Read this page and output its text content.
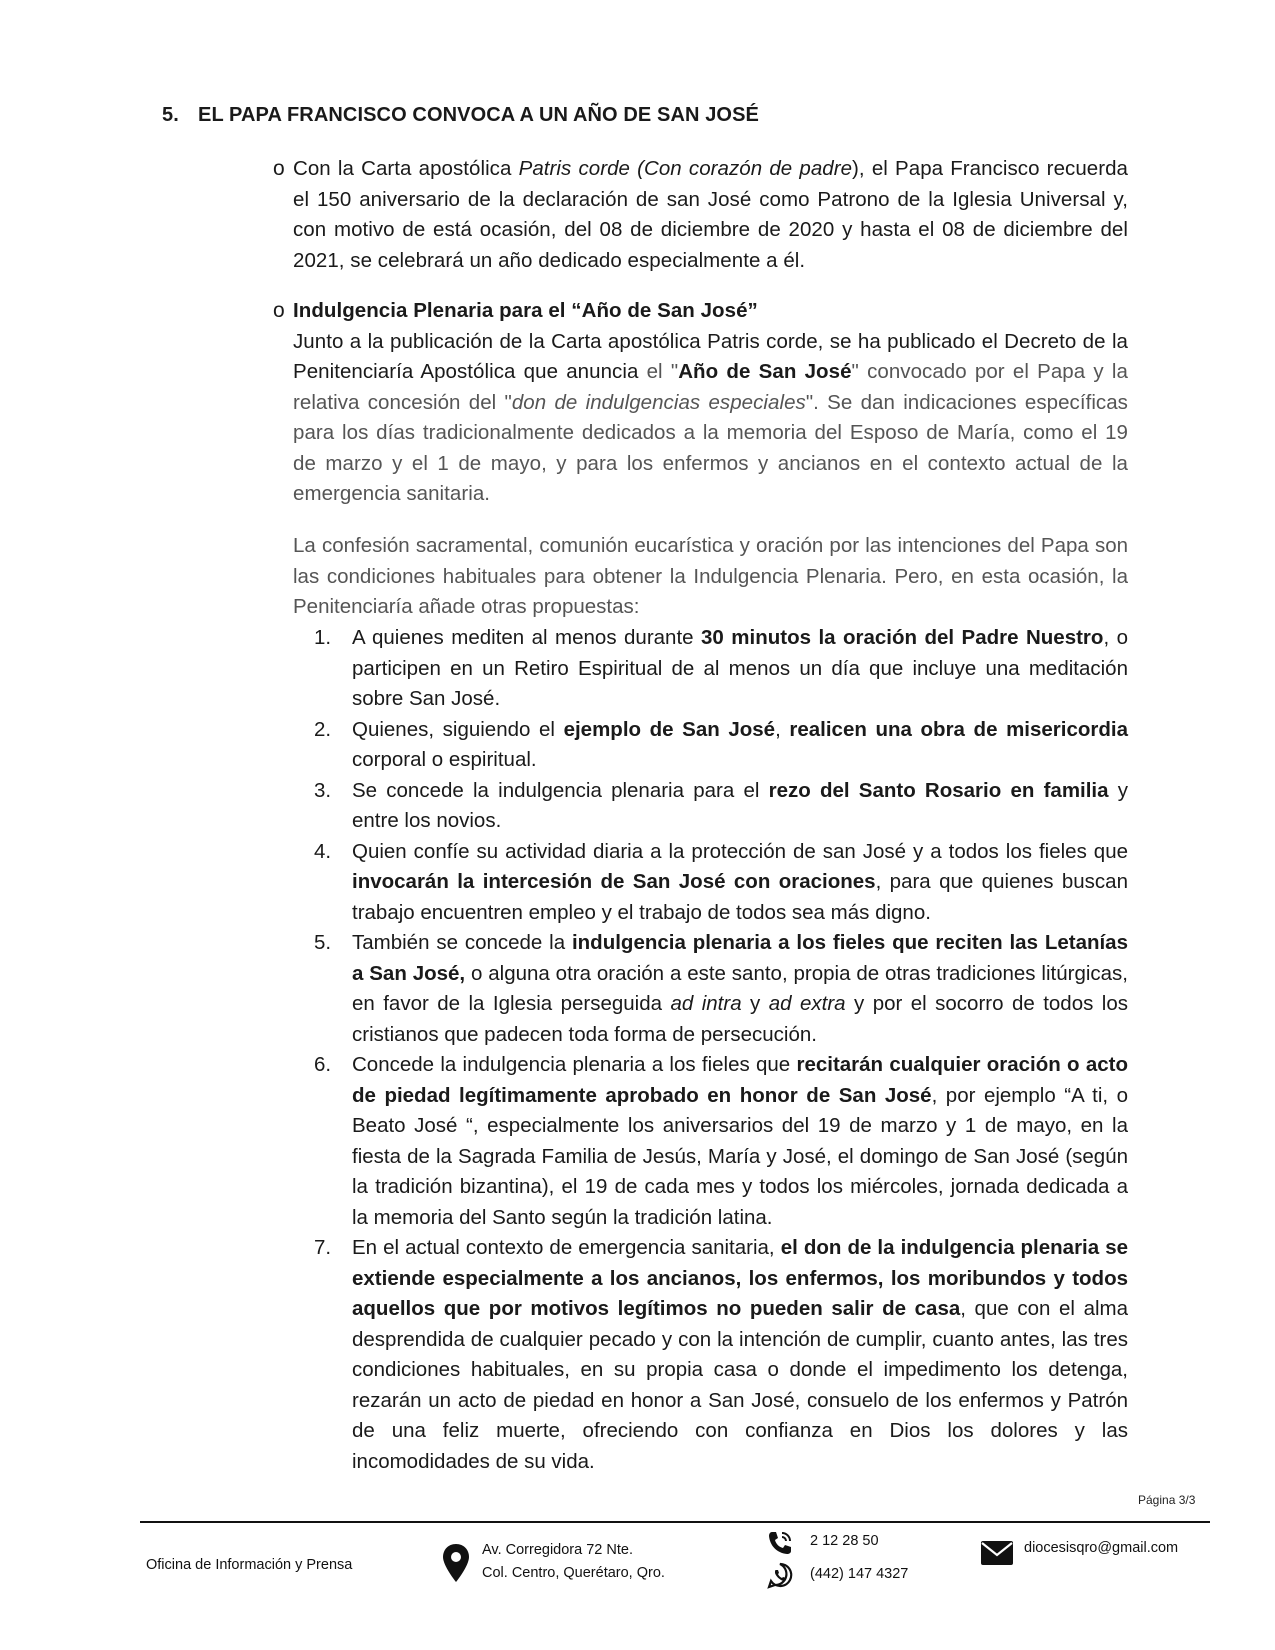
5. EL PAPA FRANCISCO CONVOCA A UN AÑO DE SAN JOSÉ
o Con la Carta apostólica Patris corde (Con corazón de padre), el Papa Francisco recuerda el 150 aniversario de la declaración de san José como Patrono de la Iglesia Universal y, con motivo de está ocasión, del 08 de diciembre de 2020 y hasta el 08 de diciembre del 2021, se celebrará un año dedicado especialmente a él.

o Indulgencia Plenaria para el “Año de San José”

Junto a la publicación de la Carta apostólica Patris corde, se ha publicado el Decreto de la Penitenciaría Apostólica que anuncia el "Año de San José" convocado por el Papa y la relativa concesión del "don de indulgencias especiales". Se dan indicaciones específicas para los días tradicionalmente dedicados a la memoria del Esposo de María, como el 19 de marzo y el 1 de mayo, y para los enfermos y ancianos en el contexto actual de la emergencia sanitaria.

La confesión sacramental, comunión eucarística y oración por las intenciones del Papa son las condiciones habituales para obtener la Indulgencia Plenaria. Pero, en esta ocasión, la Penitenciaría añade otras propuestas:

1. A quienes mediten al menos durante 30 minutos la oración del Padre Nuestro, o participen en un Retiro Espiritual de al menos un día que incluye una meditación sobre San José.
2. Quienes, siguiendo el ejemplo de San José, realicen una obra de misericordia corporal o espiritual.
3. Se concede la indulgencia plenaria para el rezo del Santo Rosario en familia y entre los novios.
4. Quien confíe su actividad diaria a la protección de san José y a todos los fieles que invocarán la intercesión de San José con oraciones, para que quienes buscan trabajo encuentren empleo y el trabajo de todos sea más digno.
5. También se concede la indulgencia plenaria a los fieles que reciten las Letanías a San José, o alguna otra oración a este santo, propia de otras tradiciones litúrgicas, en favor de la Iglesia perseguida ad intra y ad extra y por el socorro de todos los cristianos que padecen toda forma de persecución.
6. Concede la indulgencia plenaria a los fieles que recitarán cualquier oración o acto de piedad legítimamente aprobado en honor de San José, por ejemplo “A ti, o Beato José “, especialmente los aniversarios del 19 de marzo y 1 de mayo, en la fiesta de la Sagrada Familia de Jesús, María y José, el domingo de San José (según la tradición bizantina), el 19 de cada mes y todos los miércoles, jornada dedicada a la memoria del Santo según la tradición latina.
7. En el actual contexto de emergencia sanitaria, el don de la indulgencia plenaria se extiende especialmente a los ancianos, los enfermos, los moribundos y todos aquellos que por motivos legítimos no pueden salir de casa, que con el alma desprendida de cualquier pecado y con la intención de cumplir, cuanto antes, las tres condiciones habituales, en su propia casa o donde el impedimento los detenga, rezarán un acto de piedad en honor a San José, consuelo de los enfermos y Patrón de una feliz muerte, ofreciendo con confianza en Dios los dolores y las incomodidades de su vida.
Página 3/3
Oficina de Información y Prensa
Av. Corregidora 72 Nte.
Col. Centro, Querétaro, Qro.
2 12 28 50
(442) 147 4327
diocesisqro@gmail.com
